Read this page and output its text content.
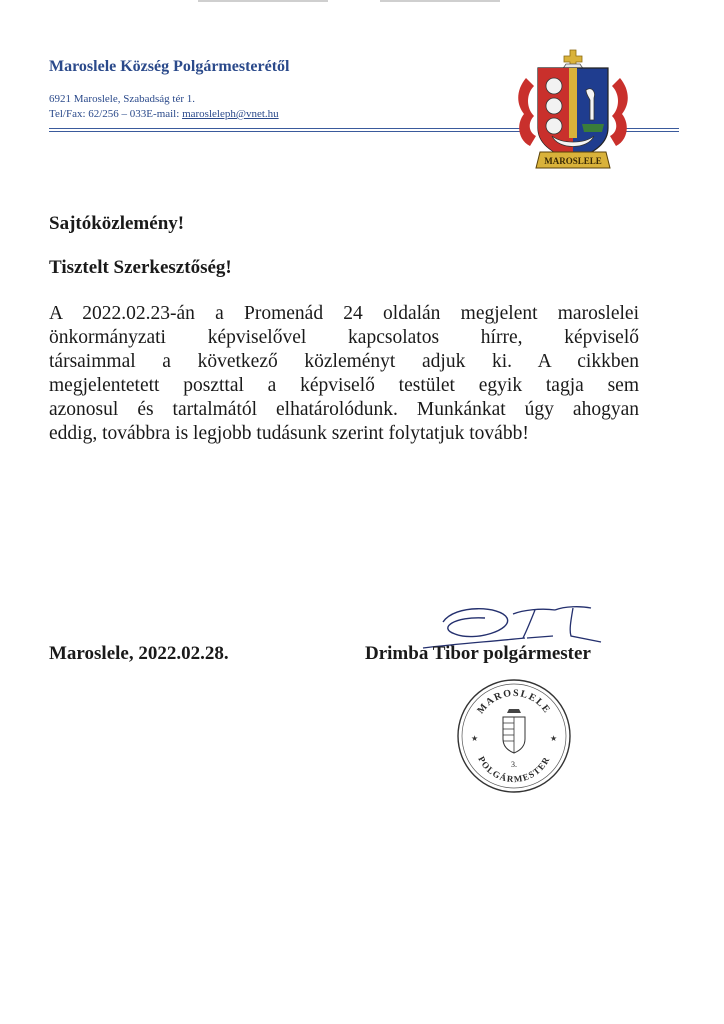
Maroslele Község Polgármesterétől
6921 Maroslele, Szabadság tér 1.
Tel/Fax: 62/256 – 033E-mail: marosleleph@vnet.hu
MAROSLELE
Sajtóközlemény!
Tisztelt Szerkesztőség!
A 2022.02.23-án a Promenád 24 oldalán megjelent maroslelei
önkormányzati képviselővel kapcsolatos hírre, képviselő
társaimmal a következő közleményt adjuk ki. A cikkben
megjelentetett poszttal a képviselő testület egyik tagja sem
azonosul és tartalmától elhatárolódunk. Munkánkat úgy ahogyan
eddig, továbbra is legjobb tudásunk szerint folytatjuk tovább!
Maroslele, 2022.02.28.	Drimba Tibor polgármester
MAROSLELE
POLGÁRMESTER
★	★
3.
